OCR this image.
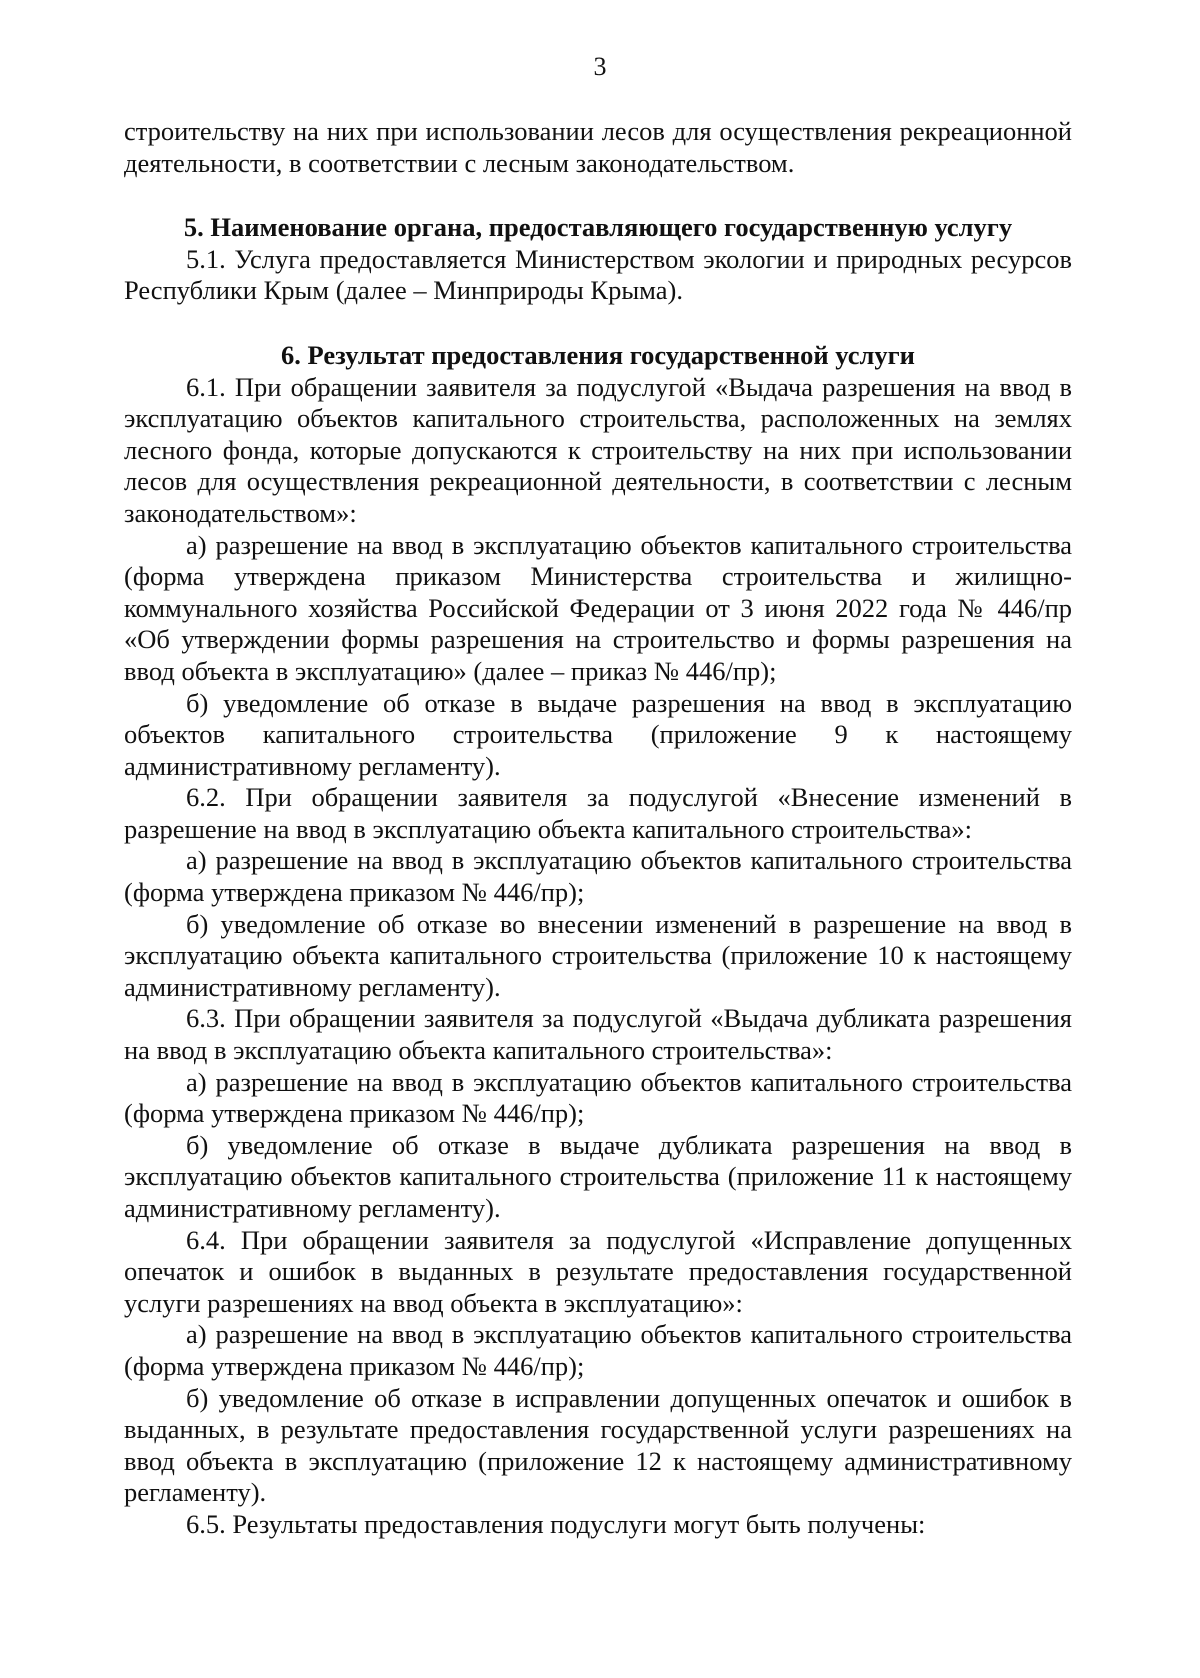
3

строительству на них при использовании лесов для осуществления рекреационной деятельности, в соответствии с лесным законодательством.

5. Наименование органа, предоставляющего государственную услугу

5.1. Услуга предоставляется Министерством экологии и природных ресурсов Республики Крым (далее – Минприроды Крыма).

6. Результат предоставления государственной услуги

6.1. При обращении заявителя за подуслугой «Выдача разрешения на ввод в эксплуатацию объектов капитального строительства, расположенных на землях лесного фонда, которые допускаются к строительству на них при использовании лесов для осуществления рекреационной деятельности, в соответствии с лесным законодательством»:

а) разрешение на ввод в эксплуатацию объектов капитального строительства (форма утверждена приказом Министерства строительства и жилищно-коммунального хозяйства Российской Федерации от 3 июня 2022 года № 446/пр «Об утверждении формы разрешения на строительство и формы разрешения на ввод объекта в эксплуатацию» (далее – приказ № 446/пр);

б) уведомление об отказе в выдаче разрешения на ввод в эксплуатацию объектов капитального строительства (приложение 9 к настоящему административному регламенту).

6.2. При обращении заявителя за подуслугой «Внесение изменений в разрешение на ввод в эксплуатацию объекта капитального строительства»:

а) разрешение на ввод в эксплуатацию объектов капитального строительства (форма утверждена приказом № 446/пр);

б) уведомление об отказе во внесении изменений в разрешение на ввод в эксплуатацию объекта капитального строительства (приложение 10 к настоящему административному регламенту).

6.3. При обращении заявителя за подуслугой «Выдача дубликата разрешения на ввод в эксплуатацию объекта капитального строительства»:

а) разрешение на ввод в эксплуатацию объектов капитального строительства (форма утверждена приказом № 446/пр);

б) уведомление об отказе в выдаче дубликата разрешения на ввод в эксплуатацию объектов капитального строительства (приложение 11 к настоящему административному регламенту).

6.4. При обращении заявителя за подуслугой «Исправление допущенных опечаток и ошибок в выданных в результате предоставления государственной услуги разрешениях на ввод объекта в эксплуатацию»:

а) разрешение на ввод в эксплуатацию объектов капитального строительства (форма утверждена приказом № 446/пр);

б) уведомление об отказе в исправлении допущенных опечаток и ошибок в выданных, в результате предоставления государственной услуги разрешениях на ввод объекта в эксплуатацию (приложение 12 к настоящему административному регламенту).

6.5. Результаты предоставления подуслуги могут быть получены:
